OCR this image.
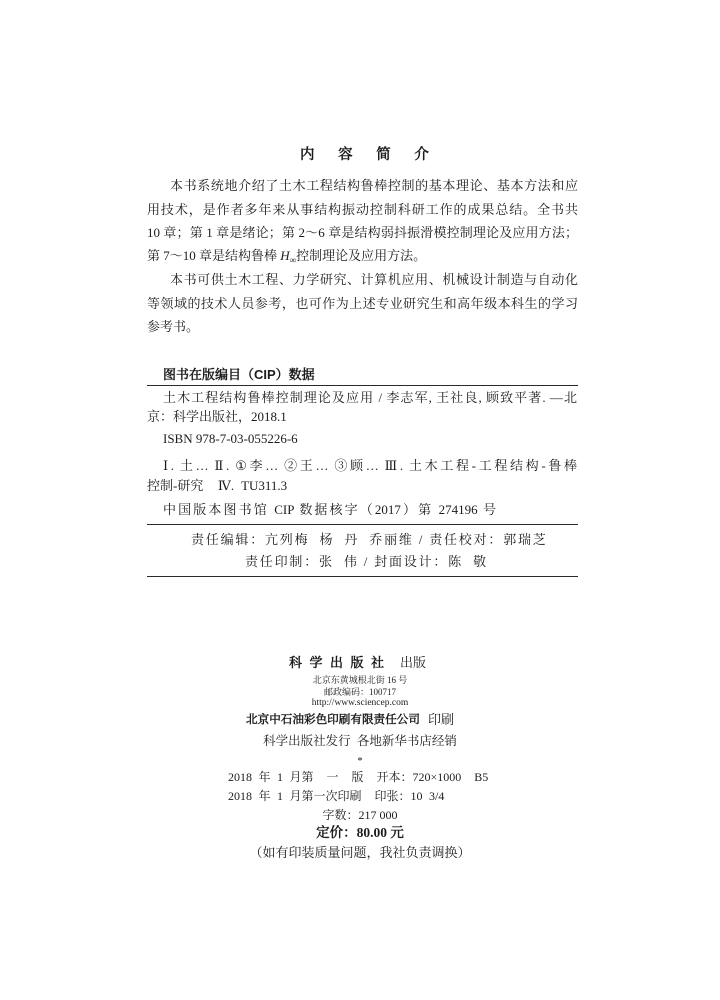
内 容 简 介
本书系统地介绍了土木工程结构鲁棒控制的基本理论、基本方法和应
用技术，是作者多年来从事结构振动控制科研工作的成果总结。全书共
10 章；第 1 章是绪论；第 2～6 章是结构弱抖振滑模控制理论及应用方法；
第 7～10 章是结构鲁棒 $H_\infty$控制理论及应用方法。
本书可供土木工程、力学研究、计算机应用、机械设计制造与自动化
等领域的技术人员参考，也可作为上述专业研究生和高年级本科生的学习
参考书。
图书在版编目（CIP）数据
土木工程结构鲁棒控制理论及应用 / 李志军, 王社良, 顾致平著. —北
京：科学出版社，2018.1
ISBN 978-7-03-055226-6
Ⅰ. 土… Ⅱ. ①李… ②王… ③顾… Ⅲ. 土木工程-工程结构-鲁棒
控制-研究  Ⅳ. TU311.3
中国版本图书馆 CIP 数据核字（2017）第 274196 号
责任编辑：亢列梅  杨  丹  乔丽维 / 责任校对：郭瑞芝
责任印制：张  伟 / 封面设计：陈  敬
科学出版社 出版
北京东黄城根北街 16 号
邮政编码：100717
http://www.sciencep.com
北京中石油彩色印刷有限责任公司 印刷
科学出版社发行  各地新华书店经销
*
2018 年 1 月第  一  版  开本：720×1000  B5
2018 年 1 月第一次印刷  印张：10 3/4
字数：217 000
定价：80.00 元
（如有印装质量问题，我社负责调换）
